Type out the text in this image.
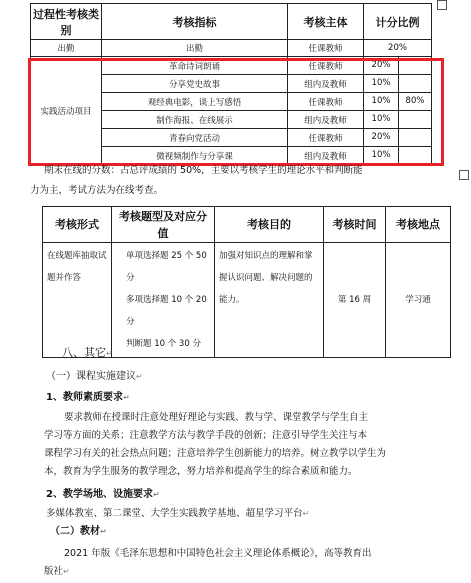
过程性考核类别	考核指标	考核主体	计分比例
出勤	出勤	任课教师	20%
实践活动项目	革命诗词朗诵	任课教师	20%

	分享党史故事	组内及教师	10%

	观经典电影，谈上写感悟	任课教师	10% 80%

	制作海报、在线展示	组内及教师	10%

	青春向党活动	任课教师	20%

	微视频制作与分享课	组内及教师	10%
期末在线的分数：占总评成绩的 50%，主要以考核学生的理论水平和判断能
力为主，考试方法为在线考查。
考核形式	考核题型及对应分值	考核目的	考核时间	考核地点
在线题库抽取试题并作答	单项选择题 25 个 50 分
多项选择题 10 个 20 分
判断题 10 个 30 分	加强对知识点的理解和掌握认识问题、解决问题的能力。	第 16 周	学习通
八、其它↵
（一）课程实施建议↵
1、教师素质要求↵
要求教师在授课时注意处理好理论与实践、教与学、课堂教学与学生自主
学习等方面的关系；注意教学方法与教学手段的创新；注意引导学生关注与本
课程学习有关的社会热点问题；注意培养学生创新能力的培养。树立教学以学生为
本，教育为学生服务的教学理念，努力培养和提高学生的综合素质和能力。
2、教学场地、设施要求↵
多媒体教室、第二课堂、大学生实践教学基地、超星学习平台↵
（二）教材↵
2021 年版《毛泽东思想和中国特色社会主义理论体系概论》，高等教育出
版社↵
